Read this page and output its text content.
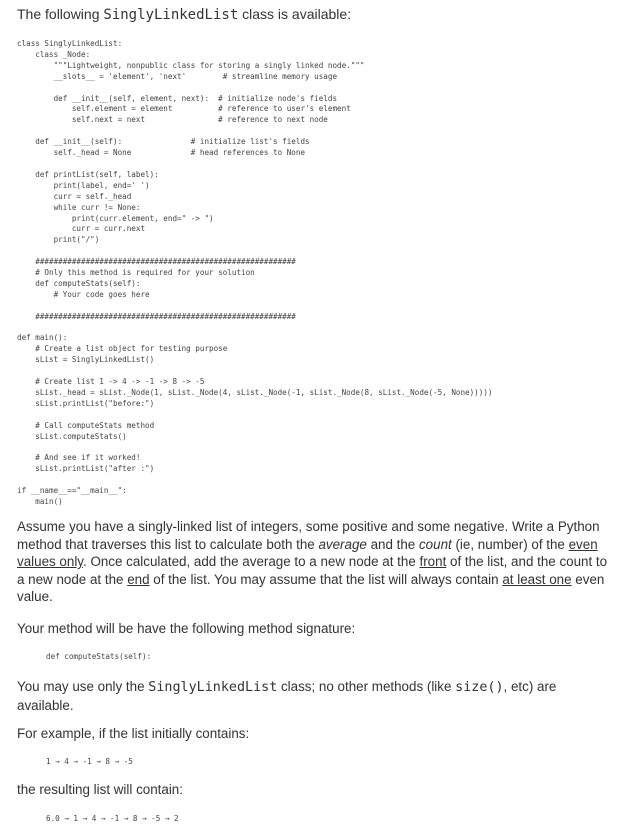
The following SinglyLinkedList class is available:
class SinglyLinkedList:
class _Node:
"""Lightweight, nonpublic class for storing a singly linked node."""
__slots__ = 'element', 'next'        # streamline memory usage

def __init__(self, element, next):  # initialize node's fields
self.element = element          # reference to user's element
self.next = next                # reference to next node

def __init__(self):               # initialize list's fields
self._head = None             # head references to None

def printList(self, label):
print(label, end=' ')
curr = self._head
while curr != None:
print(curr.element, end=" -> ")
curr = curr.next
print("/")

#########################################################
# Only this method is required for your solution
def computeStats(self):
# Your code goes here

#########################################################

def main():
# Create a list object for testing purpose
sList = SinglyLinkedList()

# Create list 1 -> 4 -> -1 -> 8 -> -5
sList._head = sList._Node(1, sList._Node(4, sList._Node(-1, sList._Node(8, sList._Node(-5, None)))))
sList.printList("before:")

# Call computeStats method
sList.computeStats()

# And see if it worked!
sList.printList("after :")

if __name__=="__main__":
main()
Assume you have a singly-linked list of integers, some positive and some negative. Write a Python method that traverses this list to calculate both the average and the count (ie, number) of the even values only. Once calculated, add the average to a new node at the front of the list, and the count to a new node at the end of the list. You may assume that the list will always contain at least one even value.
Your method will be have the following method signature:
def computeStats(self):
You may use only the SinglyLinkedList class; no other methods (like size(), etc) are available.
For example, if the list initially contains:
1 → 4 → -1 → 8 → -5
the resulting list will contain:
6.0 → 1 → 4 → -1 → 8 → -5 → 2
